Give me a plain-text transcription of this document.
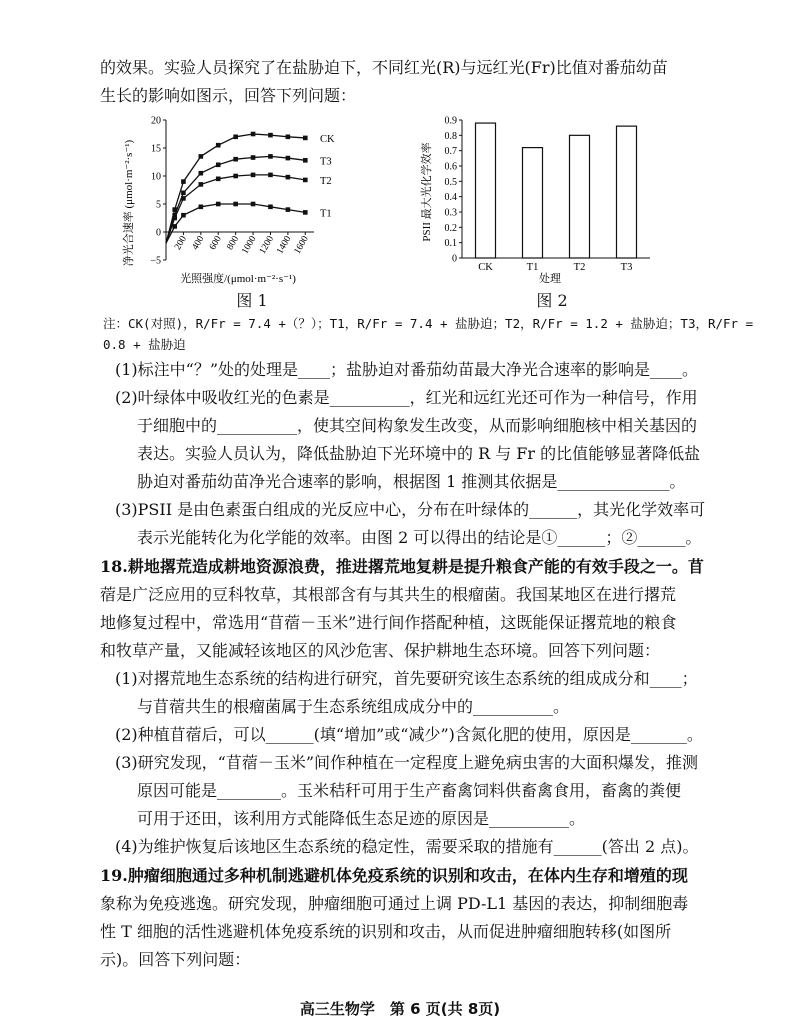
的效果。实验人员探究了在盐胁迫下，不同红光(R)与远红光(Fr)比值对番茄幼苗
生长的影响如图示，回答下列问题：
净光合速率 (μmol·m⁻²·s⁻¹)
20
15
10
5
0
−5
200 400 600 800 1000 1200 1400 1600
CK
T3
T2
T1
光照强度/(μmol·m⁻²·s⁻¹)
图 1
PSII 最大光化学效率
0.9
0.8
0.7
0.6
0.5
0.4
0.3
0.2
0.1
0
CK	T1	T2	T3
处理
图 2
注：CK(对照)，R/Fr = 7.4 +（？）；T1，R/Fr = 7.4 + 盐胁迫；T2，R/Fr = 1.2 + 盐胁迫；T3，R/Fr =
0.8 + 盐胁迫
(1)标注中“？”处的处理是____；盐胁迫对番茄幼苗最大净光合速率的影响是____。
(2)叶绿体中吸收红光的色素是__________，红光和远红光还可作为一种信号，作用
于细胞中的__________，使其空间构象发生改变，从而影响细胞核中相关基因的
表达。实验人员认为，降低盐胁迫下光环境中的 R 与 Fr 的比值能够显著降低盐
胁迫对番茄幼苗净光合速率的影响，根据图 1 推测其依据是______________。
(3)PSII 是由色素蛋白组成的光反应中心，分布在叶绿体的______，其光化学效率可
表示光能转化为化学能的效率。由图 2 可以得出的结论是①______；②______。
18.耕地撂荒造成耕地资源浪费，推进撂荒地复耕是提升粮食产能的有效手段之一。苜
蓿是广泛应用的豆科牧草，其根部含有与其共生的根瘤菌。我国某地区在进行撂荒
地修复过程中，常选用“苜蓿－玉米”进行间作搭配种植，这既能保证撂荒地的粮食
和牧草产量，又能减轻该地区的风沙危害、保护耕地生态环境。回答下列问题：
(1)对撂荒地生态系统的结构进行研究，首先要研究该生态系统的组成成分和____；
与苜蓿共生的根瘤菌属于生态系统组成成分中的__________。
(2)种植苜蓿后，可以______(填“增加”或“减少”)含氮化肥的使用，原因是_______。
(3)研究发现，“苜蓿－玉米”间作种植在一定程度上避免病虫害的大面积爆发，推测
原因可能是________。玉米秸秆可用于生产畜禽饲料供畜禽食用，畜禽的粪便
可用于还田，该利用方式能降低生态足迹的原因是__________。
(4)为维护恢复后该地区生态系统的稳定性，需要采取的措施有______(答出 2 点)。
19.肿瘤细胞通过多种机制逃避机体免疫系统的识别和攻击，在体内生存和增殖的现
象称为免疫逃逸。研究发现，肿瘤细胞可通过上调 PD-L1 基因的表达，抑制细胞毒
性 T 细胞的活性逃避机体免疫系统的识别和攻击，从而促进肿瘤细胞转移(如图所
高三生物学　第 6 页(共 8页)
示)。回答下列问题：
